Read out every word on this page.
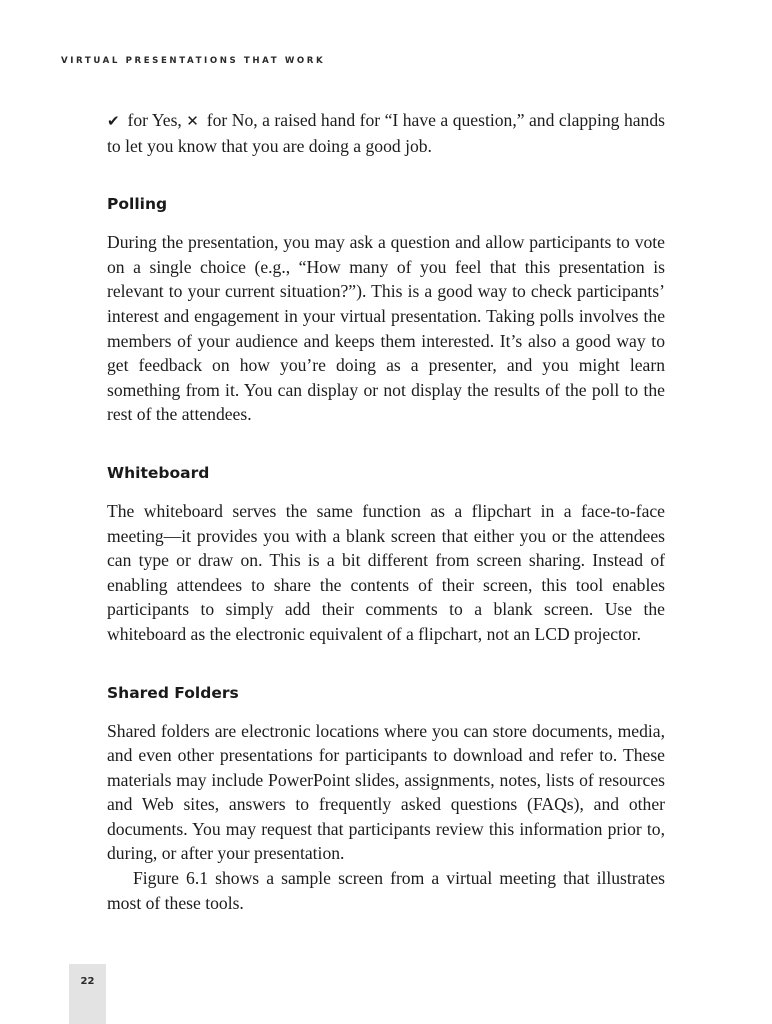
VIRTUAL PRESENTATIONS THAT WORK

✔ for Yes, ✕ for No, a raised hand for “I have a question,” and clapping hands to let you know that you are doing a good job.

Polling

During the presentation, you may ask a question and allow participants to vote on a single choice (e.g., “How many of you feel that this presentation is relevant to your current situation?”). This is a good way to check participants’ interest and engagement in your virtual presentation. Taking polls involves the members of your audience and keeps them interested. It’s also a good way to get feedback on how you’re doing as a presenter, and you might learn something from it. You can display or not display the results of the poll to the rest of the attendees.

Whiteboard

The whiteboard serves the same function as a flipchart in a face-to-face meeting—it provides you with a blank screen that either you or the attendees can type or draw on. This is a bit different from screen sharing. Instead of enabling attendees to share the contents of their screen, this tool enables participants to simply add their comments to a blank screen. Use the whiteboard as the electronic equivalent of a flipchart, not an LCD projector.

Shared Folders

Shared folders are electronic locations where you can store documents, media, and even other presentations for participants to download and refer to. These materials may include PowerPoint slides, assignments, notes, lists of resources and Web sites, answers to frequently asked questions (FAQs), and other documents. You may request that participants review this information prior to, during, or after your presentation.

Figure 6.1 shows a sample screen from a virtual meeting that illustrates most of these tools.

22
